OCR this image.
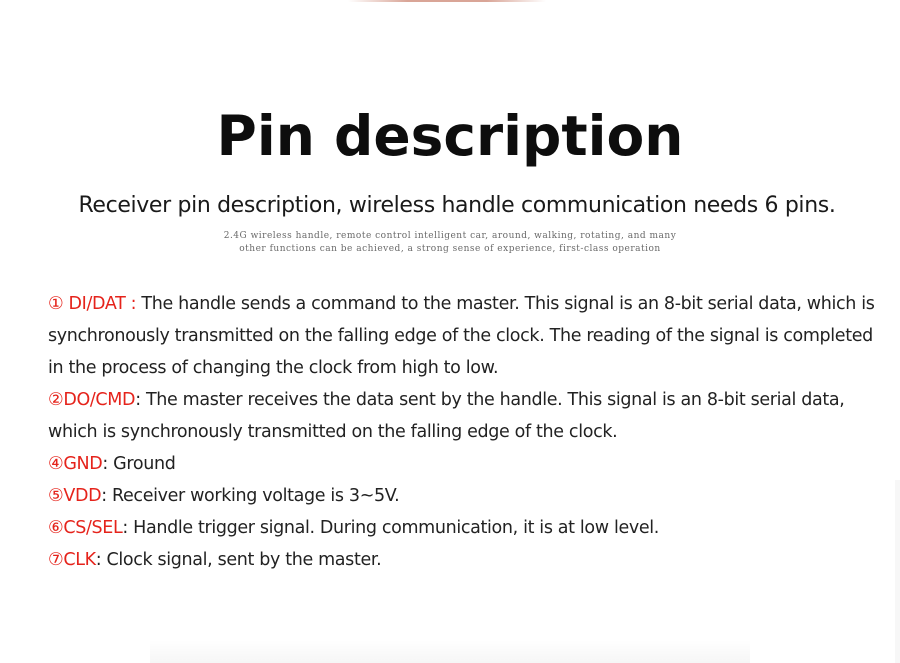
Pin description
Receiver pin description, wireless handle communication needs 6 pins.
2.4G wireless handle, remote control intelligent car, around, walking, rotating, and many
other functions can be achieved, a strong sense of experience, first-class operation

① DI/DAT : The handle sends a command to the master. This signal is an 8-bit serial data, which is synchronously transmitted on the falling edge of the clock. The reading of the signal is completed in the process of changing the clock from high to low.

②DO/CMD: The master receives the data sent by the handle. This signal is an 8-bit serial data, which is synchronously transmitted on the falling edge of the clock.

④GND: Ground

⑤VDD: Receiver working voltage is 3~5V.

⑥CS/SEL: Handle trigger signal. During communication, it is at low level.

⑦CLK: Clock signal, sent by the master.
